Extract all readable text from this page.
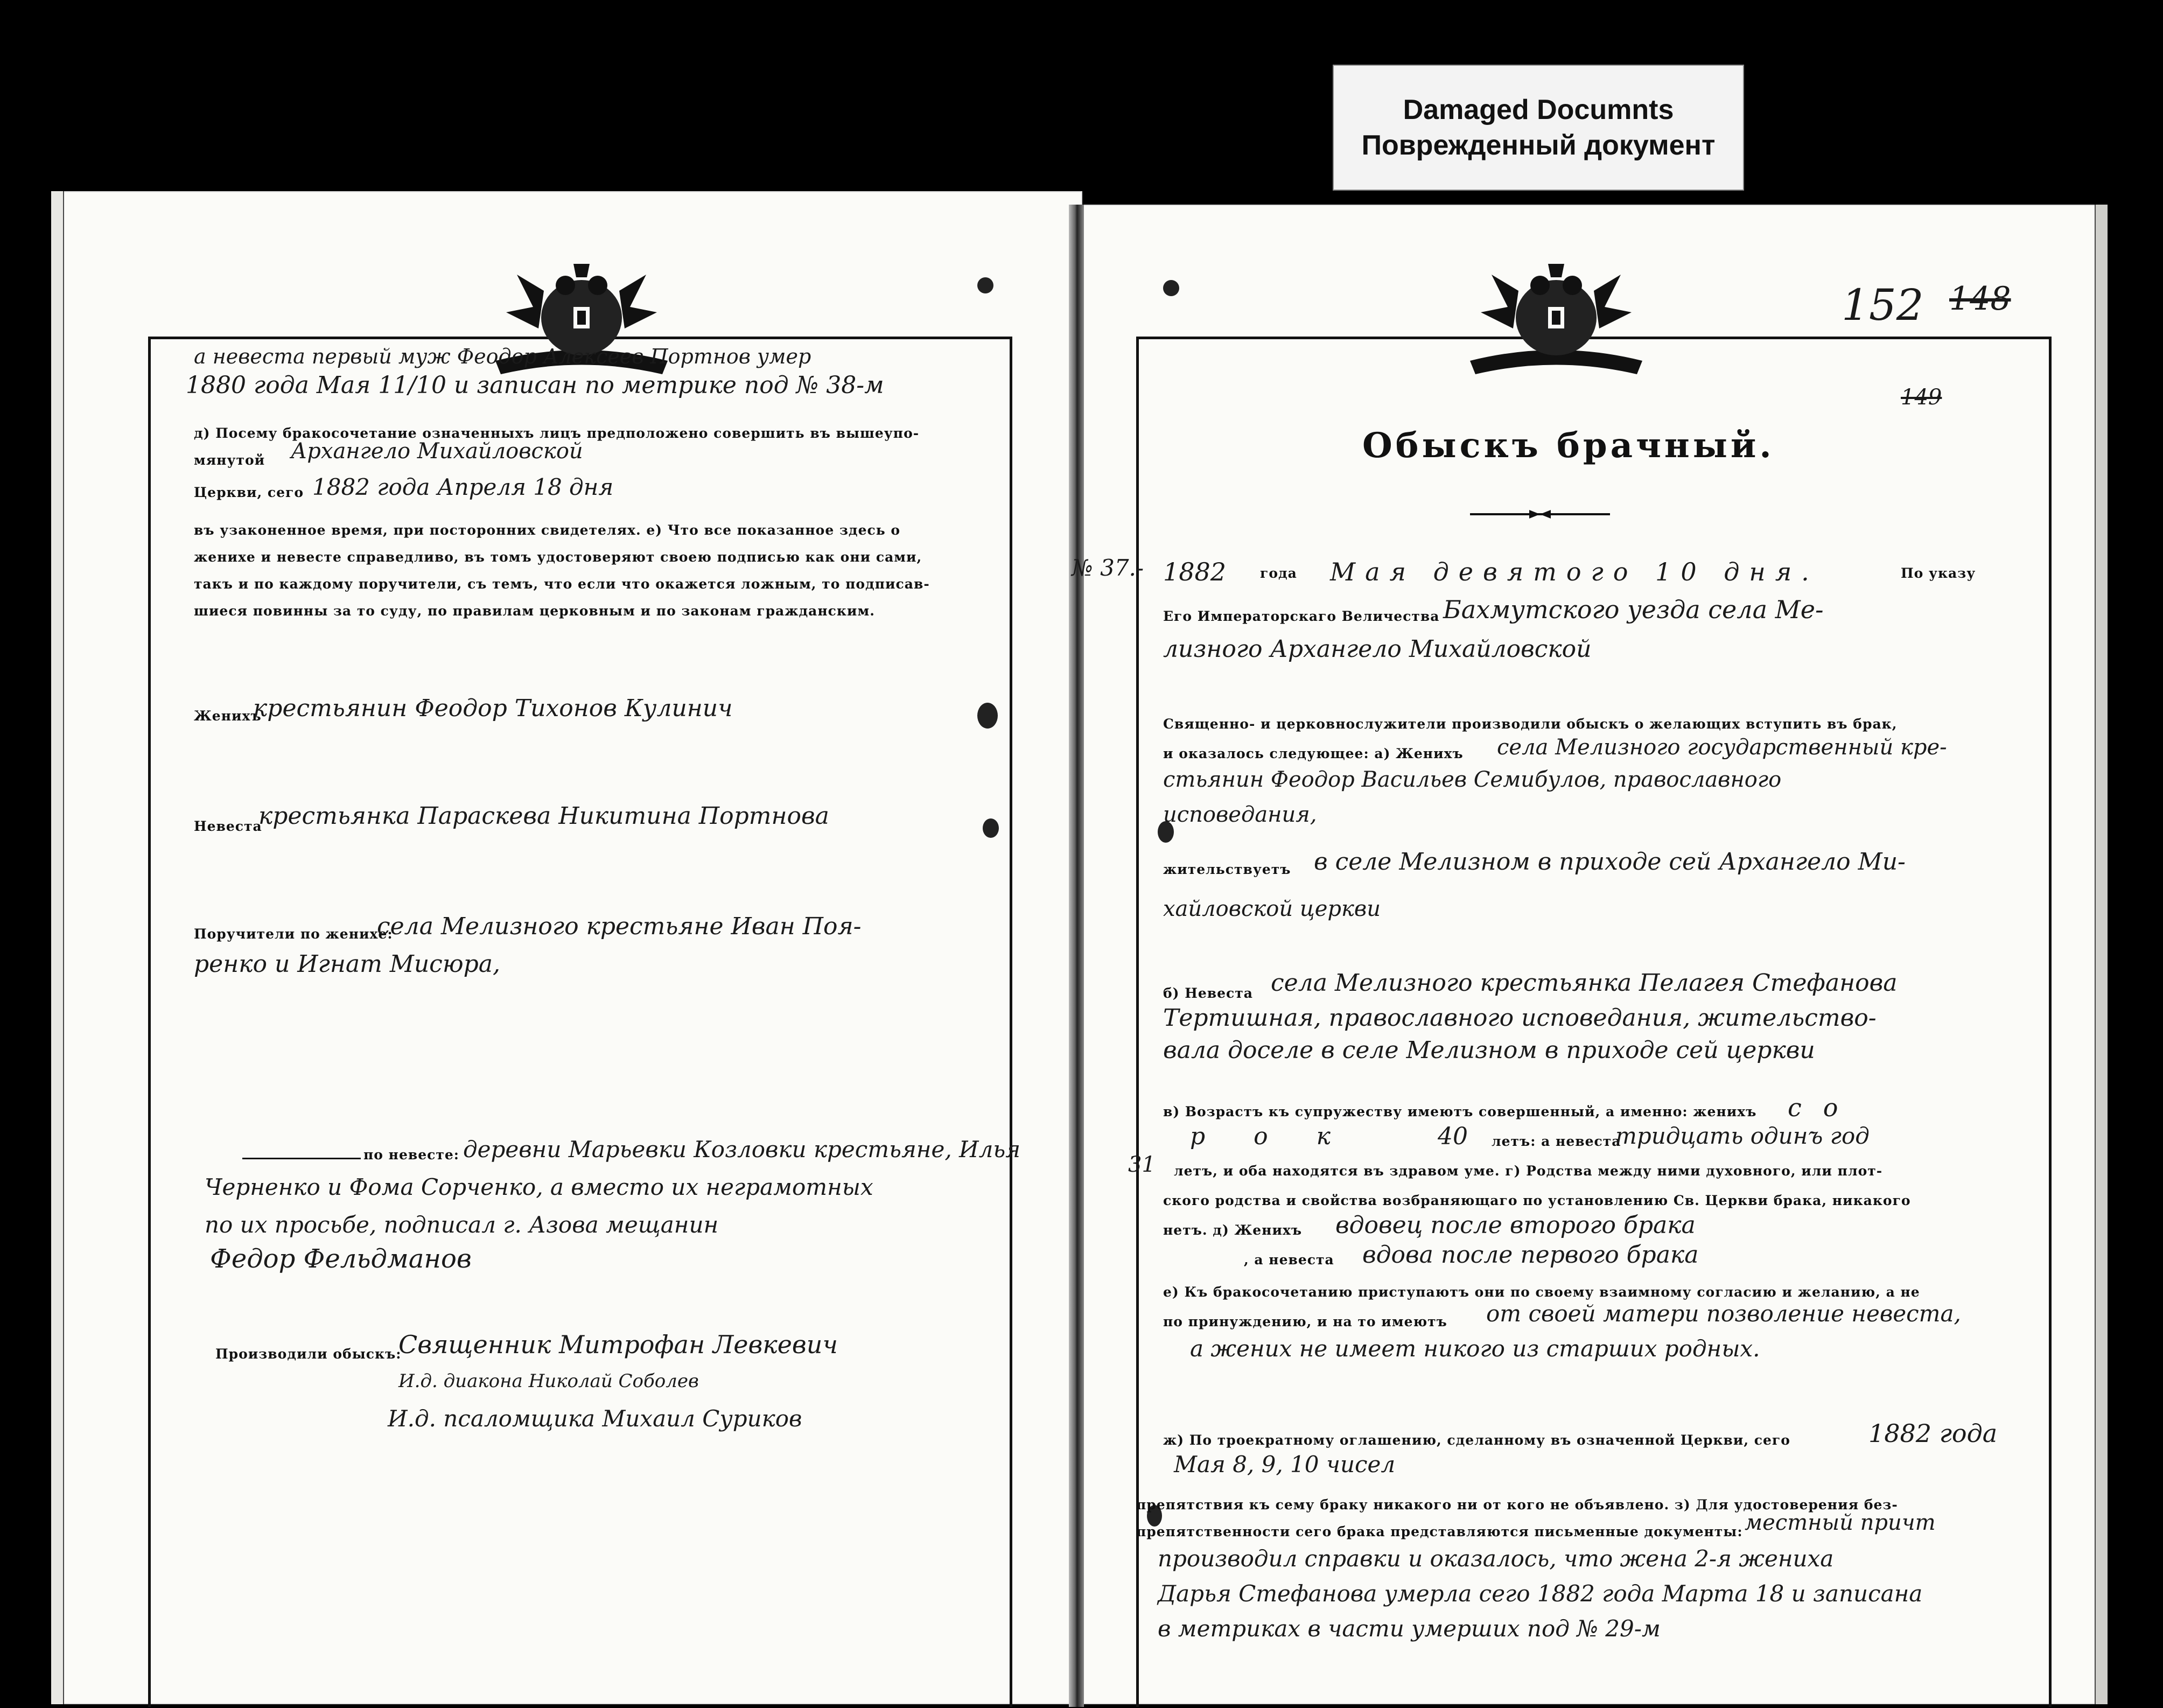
Damaged Documnts
Поврежденный документ
а невеста первый муж Феодор Алексеев Портнов умер
1880 года Мая 11/10 и записан по метрике под № 38-м
д) Посему бракосочетание означенныхъ лицъ предположено совершить въ вышеупо-
мянутой Архангело Михайловской
Церкви, сего 1882 года Апреля 18 дня
въ узаконенное время, при посторонних свидетелях. е) Что все показанное здесь о
женихе и невесте справедливо, въ томъ удостоверяют своею подписью как они сами,
такъ и по каждому поручители, съ темъ, что если что окажется ложным, то подписав-
шиеся повинны за то суду, по правилам церковным и по законам гражданским.
Женихъ
крестьянин Феодор Тихонов Кулинич
Невеста
крестьянка Параскева Никитина Портнова
Поручители по женихе:
села Мелизного крестьяне Иван Поя-
ренко и Игнат Мисюра,
по невесте: деревни Марьевки Козловки крестьяне, Илья
Черненко и Фома Сорченко, а вместо их неграмотных
по их просьбе, подписал г. Азова мещанин
Федор Фельдманов
Производили обыскъ:
Священник Митрофан Левкевич
И.д. диакона Николай Соболев
И.д. псаломщика Михаил Суриков
152 148
149
Обыскъ брачный.
№ 37.- 1882	года Мая девятого 10 дня.	По указу
Его Императорскаго Величества Бахмутского уезда села Ме-
лизного Архангело Михайловской
Священно- и церковнослужители производили обыскъ о желающих вступить въ брак,
и оказалось следующее: а) Женихъ села Мелизного государственный кре-
стьянин Феодор Васильев Семибулов, православного
исповедания,
жительствуетъ в селе Мелизном в приходе сей Архангело Ми-
хайловской церкви
б) Невеста села Мелизного крестьянка Пелагея Стефанова
Тертишная, православного исповедания, жительство-
вала доселе в селе Мелизном в приходе сей церкви
в) Возрастъ къ супружеству имеютъ совершенный, а именно: женихъ со
рок 40 летъ: а невеста
тридцать одинъ год
31 летъ, и оба находятся въ здравом уме. г) Родства между ними духовного, или плот-
ского родства и свойства возбраняющаго по установлению Св. Церкви брака, никакого
нетъ. д) Женихъ вдовец после второго брака
, а невеста вдова после первого брака
е) Къ бракосочетанию приступаютъ они по своему взаимному согласию и желанию, а не
по принуждению, и на то имеютъ от своей матери позволение невеста,
а жених не имеет никого из старших родных.
ж) По троекратному оглашению, сделанному въ означенной Церкви, сего	1882 года
Мая 8, 9, 10 чисел
препятствия къ сему браку никакого ни от кого не объявлено. з) Для удостоверения без-
препятственности сего брака представляются письменные документы: местный причт
производил справки и оказалось, что жена 2-я жениха
Дарья Стефанова умерла сего 1882 года Марта 18 и записана
в метриках в части умерших под № 29-м
